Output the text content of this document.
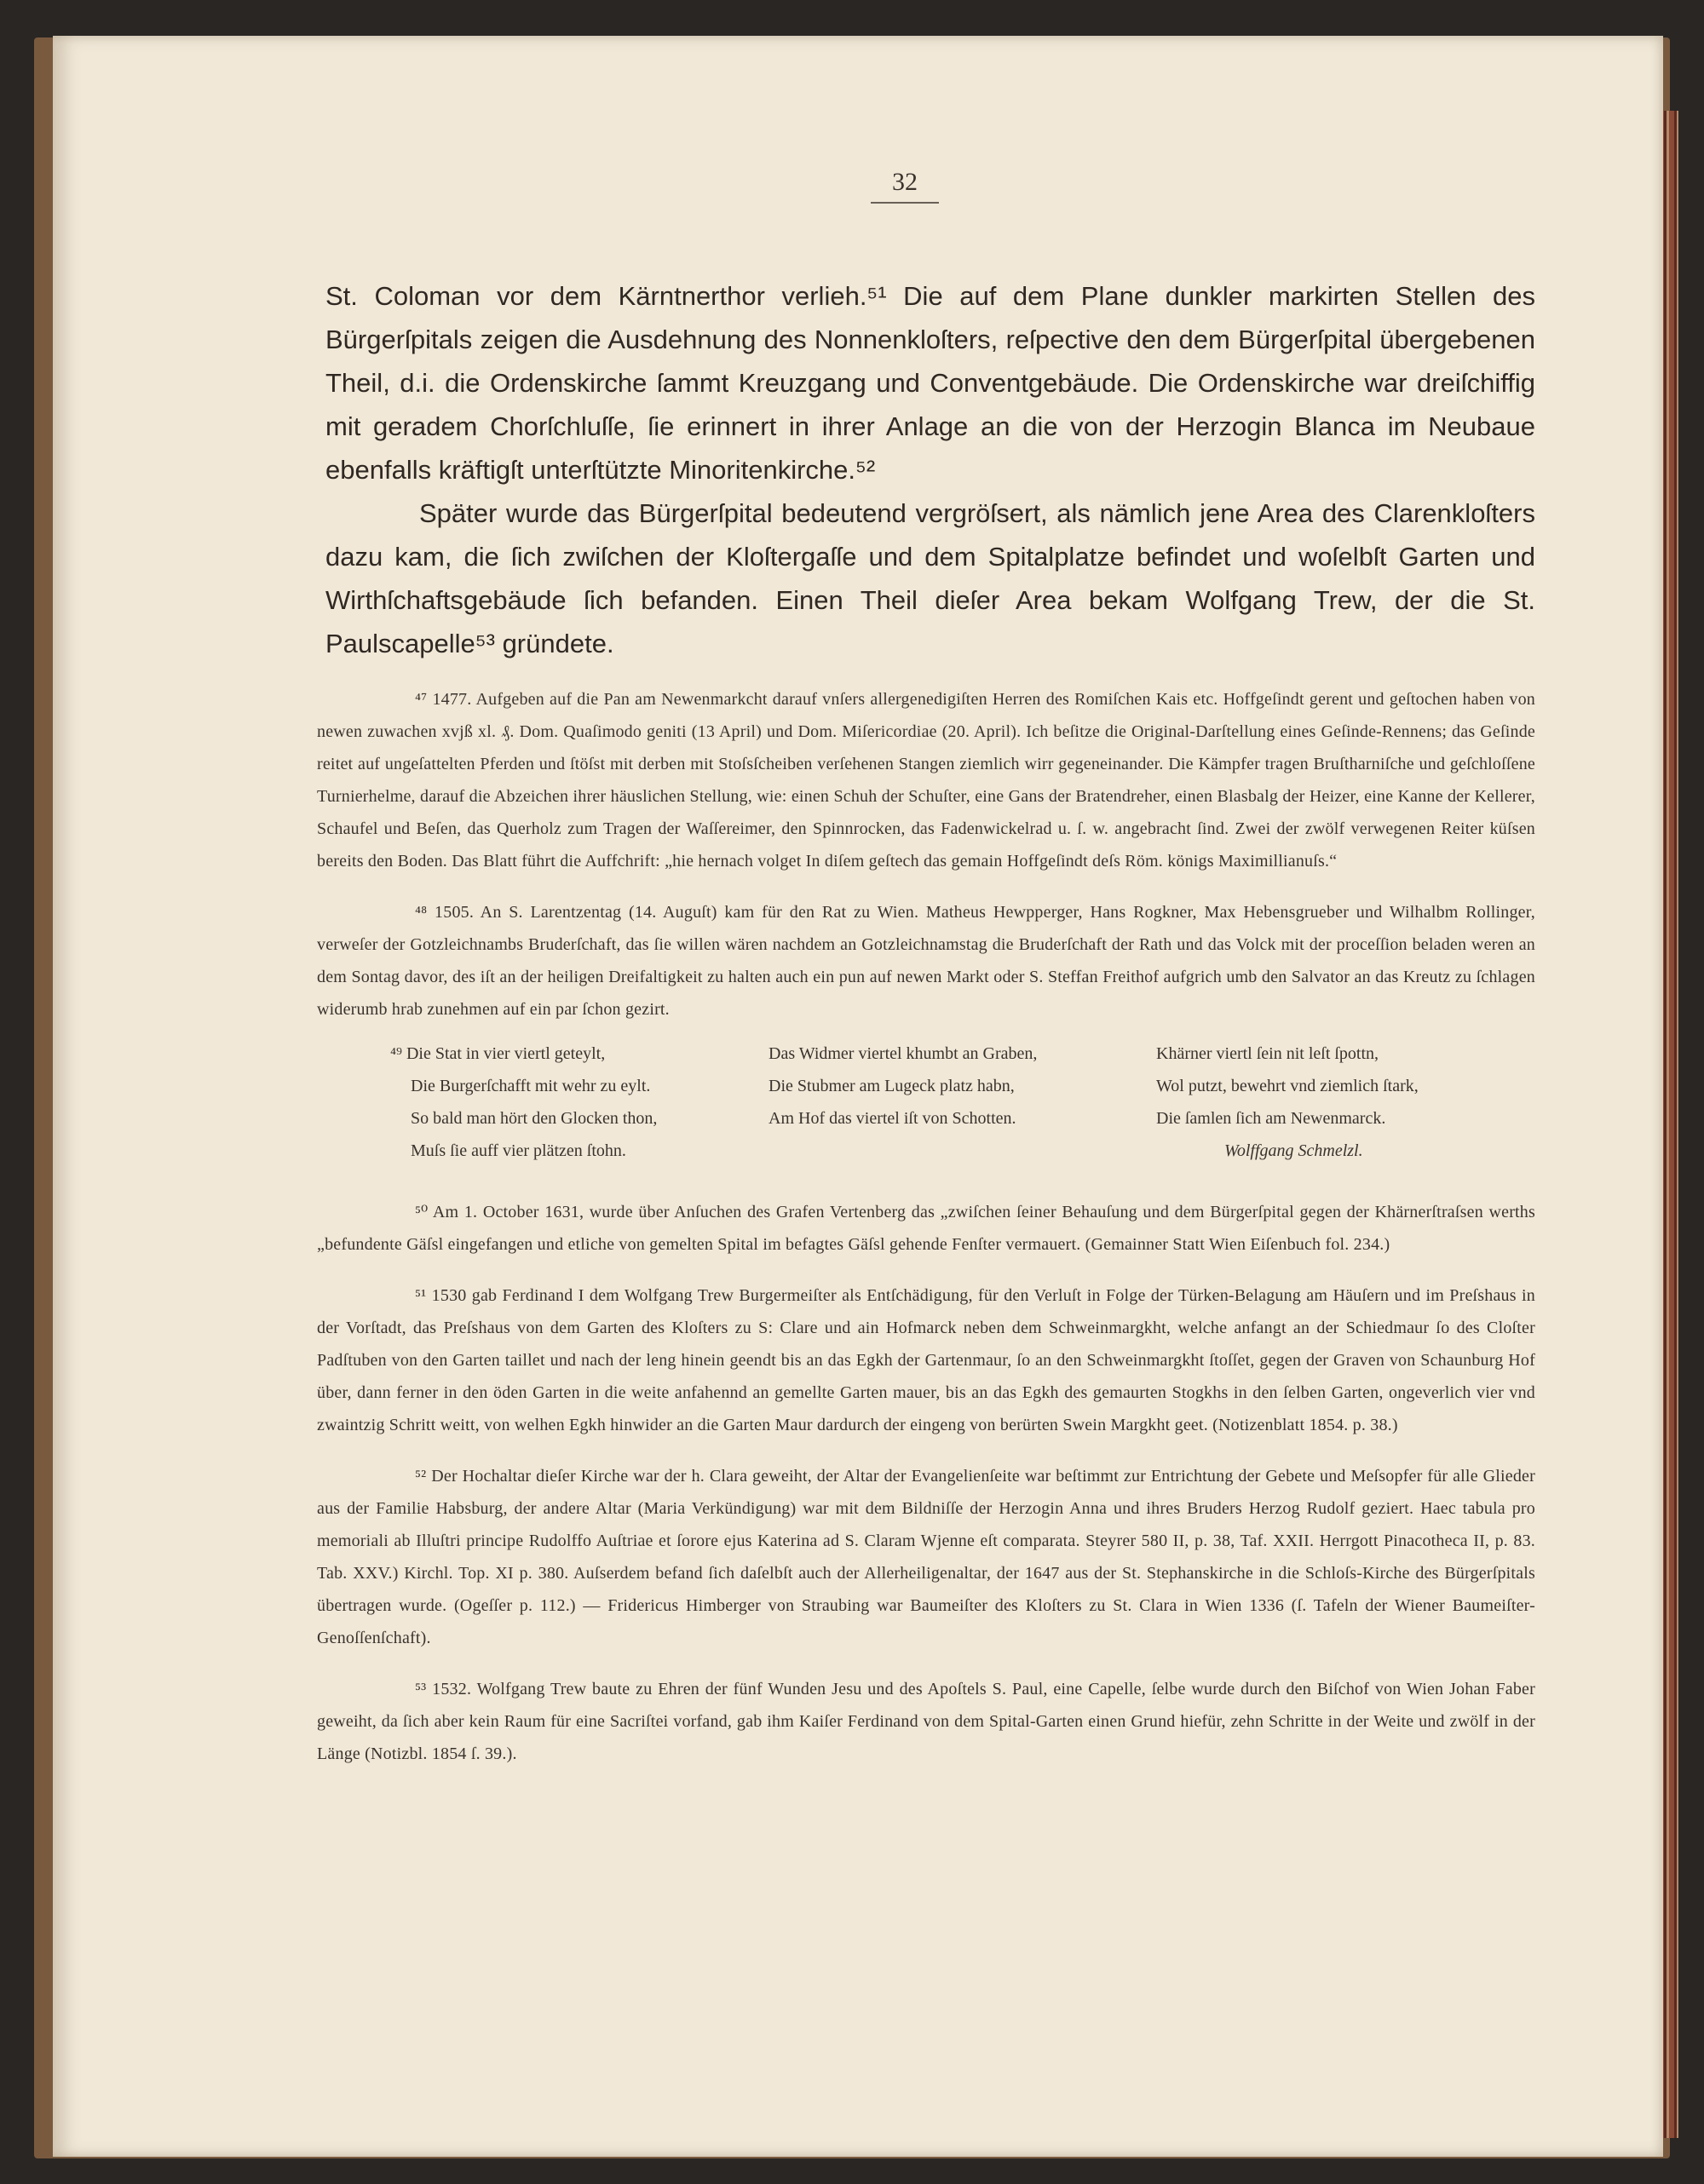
32

St. Coloman vor dem Kärntnerthor verlieh.⁵¹ Die auf dem Plane dunkler markirten Stellen des Bürgerſpitals zeigen die Ausdehnung des Nonnenkloſters, reſpective den dem Bürgerſpital übergebenen Theil, d.i. die Ordenskirche ſammt Kreuzgang und Conventgebäude. Die Ordenskirche war dreiſchiffig mit geradem Chorſchluſſe, ſie erinnert in ihrer Anlage an die von der Herzogin Blanca im Neubaue ebenfalls kräftigſt unterſtützte Minoritenkirche.⁵²

Später wurde das Bürgerſpital bedeutend vergröſsert, als nämlich jene Area des Clarenkloſters dazu kam, die ſich zwiſchen der Kloſtergaſſe und dem Spitalplatze befindet und woſelbſt Garten und Wirthſchaftsgebäude ſich befanden. Einen Theil dieſer Area bekam Wolfgang Trew, der die St. Paulscapelle⁵³ gründete.

⁴⁷ 1477. Aufgeben auf die Pan am Newenmarkcht darauf vnſers allergenedigiſten Herren des Romiſchen Kais etc. Hoffgeſindt gerent und geſtochen haben von newen zuwachen xvjß xl. ₰. Dom. Quaſimodo geniti (13 April) und Dom. Miſericordiae (20. April). Ich beſitze die Original-Darſtellung eines Geſinde-Rennens; das Geſinde reitet auf ungeſattelten Pferden und ſtöſst mit derben mit Stoſsſcheiben verſehenen Stangen ziemlich wirr gegeneinander. Die Kämpfer tragen Bruſtharniſche und geſchloſſene Turnierhelme, darauf die Abzeichen ihrer häuslichen Stellung, wie: einen Schuh der Schuſter, eine Gans der Bratendreher, einen Blasbalg der Heizer, eine Kanne der Kellerer, Schaufel und Beſen, das Querholz zum Tragen der Waſſereimer, den Spinnrocken, das Fadenwickelrad u. ſ. w. angebracht ſind. Zwei der zwölf verwegenen Reiter küſsen bereits den Boden. Das Blatt führt die Auffchrift: „hie hernach volget In diſem geſtech das gemain Hoffgeſindt deſs Röm. königs Maximillianuſs.“

⁴⁸ 1505. An S. Larentzentag (14. Auguſt) kam für den Rat zu Wien. Matheus Hewpperger, Hans Rogkner, Max Hebensgrueber und Wilhalbm Rollinger, verweſer der Gotzleichnambs Bruderſchaft, das ſie willen wären nachdem an Gotzleichnamstag die Bruderſchaft der Rath und das Volck mit der proceſſion beladen weren an dem Sontag davor, des iſt an der heiligen Dreifaltigkeit zu halten auch ein pun auf newen Markt oder S. Steffan Freithof aufgrich umb den Salvator an das Kreutz zu ſchlagen widerumb hrab zunehmen auf ein par ſchon gezirt.

⁴⁹ Die Stat in vier viertl geteylt,
Die Burgerſchafft mit wehr zu eylt.
So bald man hört den Glocken thon,
Muſs ſie auff vier plätzen ſtohn.
Das Widmer viertel khumbt an Graben,
Die Stubmer am Lugeck platz habn,
Am Hof das viertel iſt von Schotten.
Khärner viertl ſein nit leſt ſpottn,
Wol putzt, bewehrt vnd ziemlich ſtark,
Die ſamlen ſich am Newenmarck.
Wolffgang Schmelzl.

⁵⁰ Am 1. October 1631, wurde über Anſuchen des Grafen Vertenberg das „zwiſchen ſeiner Behauſung und dem Bürgerſpital gegen der Khärnerſtraſsen werths „befundente Gäſsl eingefangen und etliche von gemelten Spital im befagtes Gäſsl gehende Fenſter vermauert. (Gemainner Statt Wien Eiſenbuch fol. 234.)

⁵¹ 1530 gab Ferdinand I dem Wolfgang Trew Burgermeiſter als Entſchädigung, für den Verluſt in Folge der Türken-Belagung am Häuſern und im Preſshaus in der Vorſtadt, das Preſshaus von dem Garten des Kloſters zu S: Clare und ain Hofmarck neben dem Schweinmargkht, welche anfangt an der Schiedmaur ſo des Cloſter Padſtuben von den Garten taillet und nach der leng hinein geendt bis an das Egkh der Gartenmaur, ſo an den Schweinmargkht ſtoſſet, gegen der Graven von Schaunburg Hof über, dann ferner in den öden Garten in die weite anfahennd an gemellte Garten mauer, bis an das Egkh des gemaurten Stogkhs in den ſelben Garten, ongeverlich vier vnd zwaintzig Schritt weitt, von welhen Egkh hinwider an die Garten Maur dardurch der eingeng von berürten Swein Margkht geet. (Notizenblatt 1854. p. 38.)

⁵² Der Hochaltar dieſer Kirche war der h. Clara geweiht, der Altar der Evangelienſeite war beſtimmt zur Entrichtung der Gebete und Meſsopfer für alle Glieder aus der Familie Habsburg, der andere Altar (Maria Verkündigung) war mit dem Bildniſſe der Herzogin Anna und ihres Bruders Herzog Rudolf geziert. Haec tabula pro memoriali ab Illuſtri principe Rudolffo Auſtriae et ſorore ejus Katerina ad S. Claram Wjenne eſt comparata. Steyrer 580 II, p. 38, Taf. XXII. Herrgott Pinacotheca II, p. 83. Tab. XXV.) Kirchl. Top. XI p. 380. Auſserdem befand ſich daſelbſt auch der Allerheiligenaltar, der 1647 aus der St. Stephanskirche in die Schloſs-Kirche des Bürgerſpitals übertragen wurde. (Ogeſſer p. 112.) — Fridericus Himberger von Straubing war Baumeiſter des Kloſters zu St. Clara in Wien 1336 (ſ. Tafeln der Wiener Baumeiſter-Genoſſenſchaft).

⁵³ 1532. Wolfgang Trew baute zu Ehren der fünf Wunden Jesu und des Apoſtels S. Paul, eine Capelle, ſelbe wurde durch den Biſchof von Wien Johan Faber geweiht, da ſich aber kein Raum für eine Sacriſtei vorfand, gab ihm Kaiſer Ferdinand von dem Spital-Garten einen Grund hiefür, zehn Schritte in der Weite und zwölf in der Länge (Notizbl. 1854 ſ. 39.).
